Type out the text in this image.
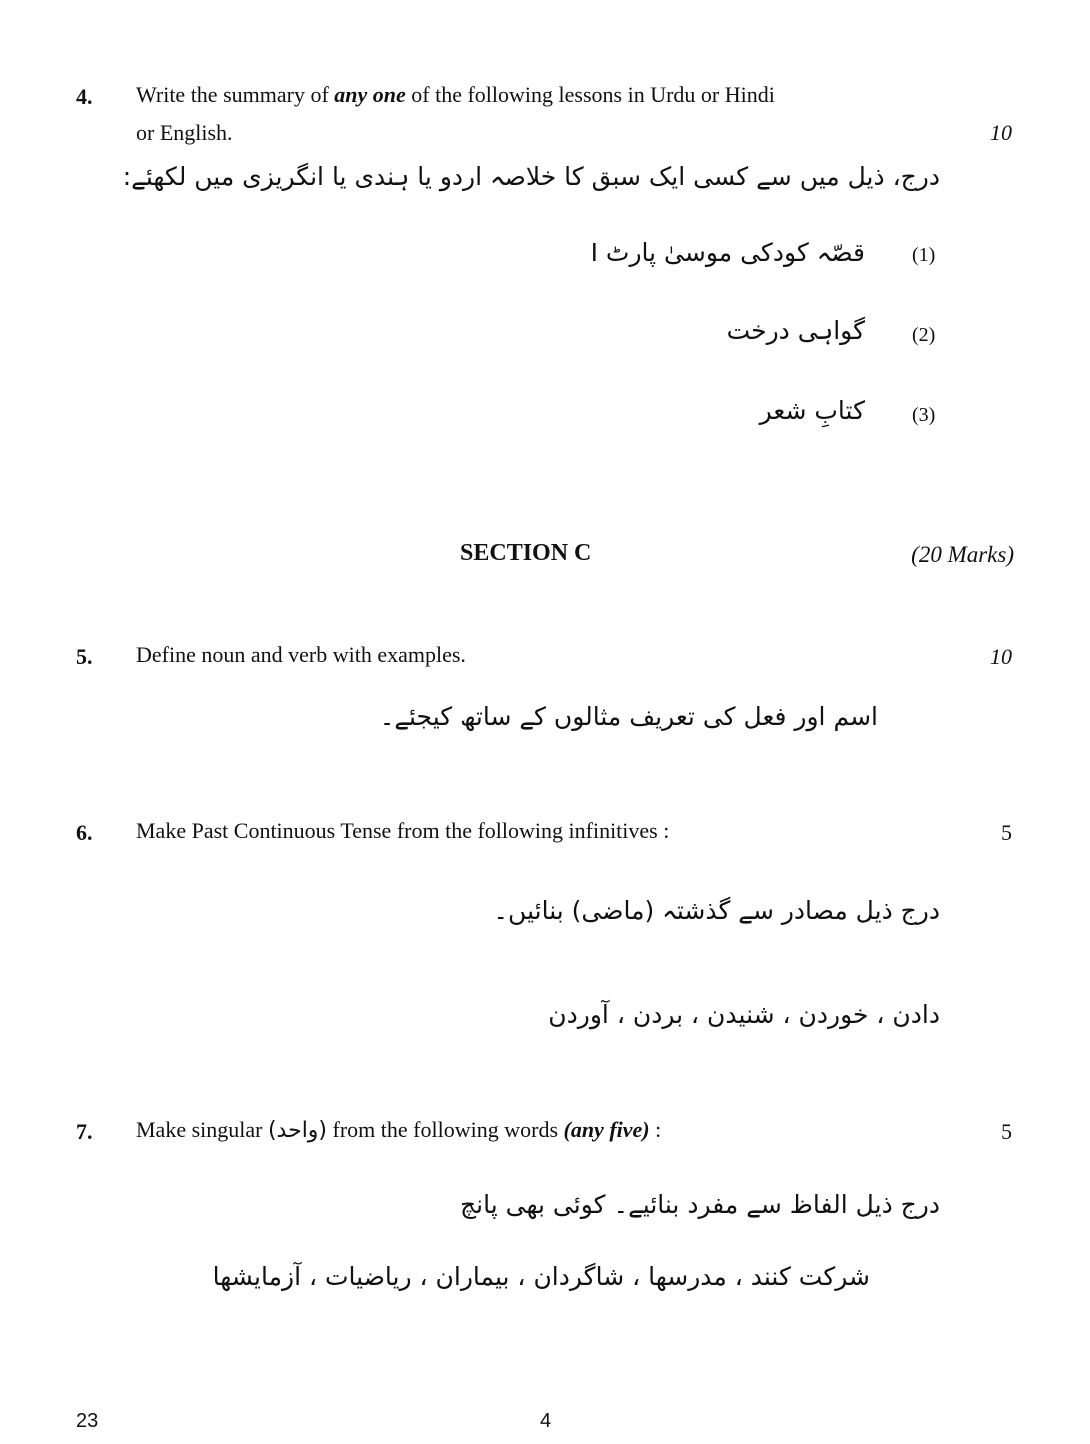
4. Write the summary of any one of the following lessons in Urdu or Hindi
or English.	10
درج، ذیل میں سے کسی ایک سبق کا خلاصہ اردو یا ہندی یا انگریزی میں لکھئے:
(1)
قصّہ کودکی موسیٰ پارٹ I
(2)
گواہی درخت
(3)
کتابِ شعر
SECTION C	(20 Marks)
5. Define noun and verb with examples.	10
اسم اور فعل کی تعریف مثالوں کے ساتھ کیجئے۔
6. Make Past Continuous Tense from the following infinitives :	5
درج ذیل مصادر سے گذشتہ (ماضی) بنائیں۔
دادن ، خوردن ، شنیدن ، بردن ، آوردن
7. Make singular (واحد) from the following words (any five) :	5
درج ذیل الفاظ سے مفرد بنائیے۔ کوئی بھی پانچ
شرکت کنند ، مدرسھا ، شاگردان ، بیماران ، ریاضیات ، آزمایشھا
23	4
